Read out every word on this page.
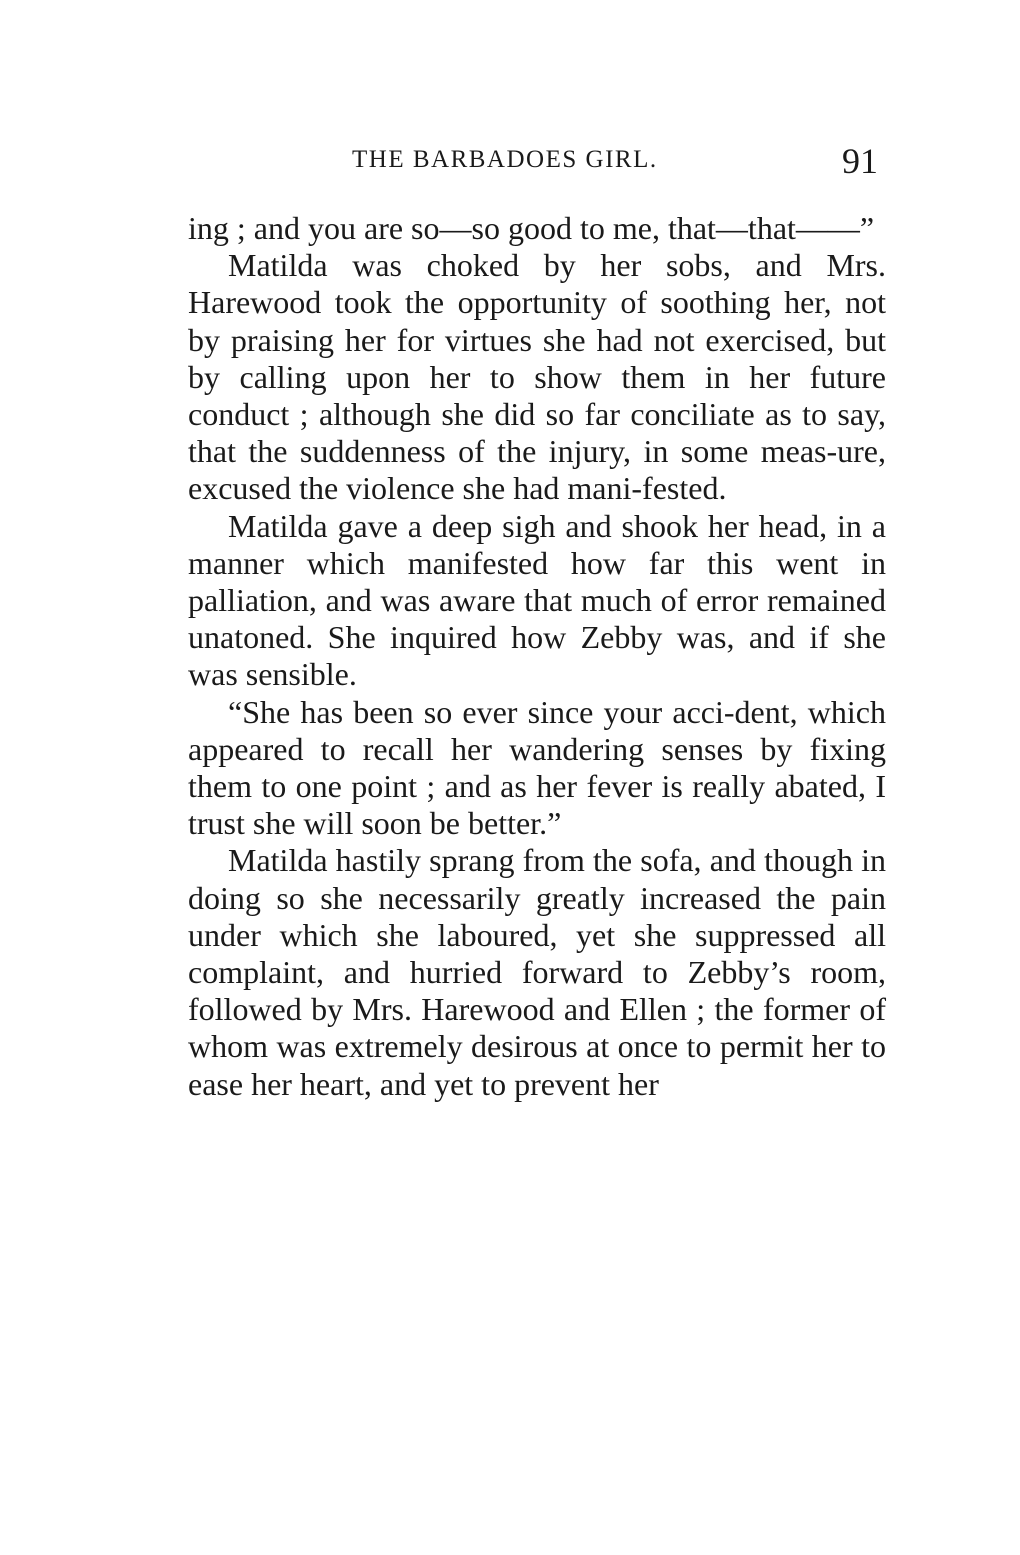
THE BARBADOES GIRL.	91

ing ; and you are so—so good to me, that—that——”

Matilda was choked by her sobs, and Mrs. Harewood took the opportunity of soothing her, not by praising her for virtues she had not exercised, but by calling upon her to show them in her future conduct ; although she did so far conciliate as to say, that the suddenness of the injury, in some meas-ure, excused the violence she had mani-fested.

Matilda gave a deep sigh and shook her head, in a manner which manifested how far this went in palliation, and was aware that much of error remained unatoned. She inquired how Zebby was, and if she was sensible.

“She has been so ever since your acci-dent, which appeared to recall her wandering senses by fixing them to one point ; and as her fever is really abated, I trust she will soon be better.”

Matilda hastily sprang from the sofa, and though in doing so she necessarily greatly increased the pain under which she laboured, yet she suppressed all complaint, and hurried forward to Zebby’s room, followed by Mrs. Harewood and Ellen ; the former of whom was extremely desirous at once to permit her to ease her heart, and yet to prevent her
